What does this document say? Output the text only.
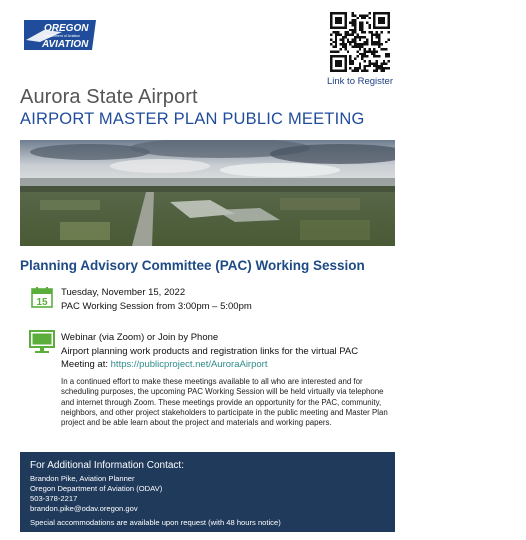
OREGON
Department of Aviation
AVIATION
Link to Register
Aurora State Airport
AIRPORT MASTER PLAN PUBLIC MEETING
Planning Advisory Committee (PAC) Working Session
15
Tuesday, November 15, 2022
PAC Working Session from 3:00pm – 5:00pm
Webinar (via Zoom) or Join by Phone
Airport planning work products and registration links for the virtual PAC Meeting at: https://publicproject.net/AuroraAirport
In a continued effort to make these meetings available to all who are interested and for scheduling purposes, the upcoming PAC Working Session will be held virtually via telephone and internet through Zoom. These meetings provide an opportunity for the PAC, community, neighbors, and other project stakeholders to participate in the public meeting and Master Plan project and be able learn about the project and materials and working papers.
For Additional Information Contact:
Brandon Pike, Aviation Planner
Oregon Department of Aviation (ODAV)
503-378-2217
brandon.pike@odav.oregon.gov
Special accommodations are available upon request (with 48 hours notice)
